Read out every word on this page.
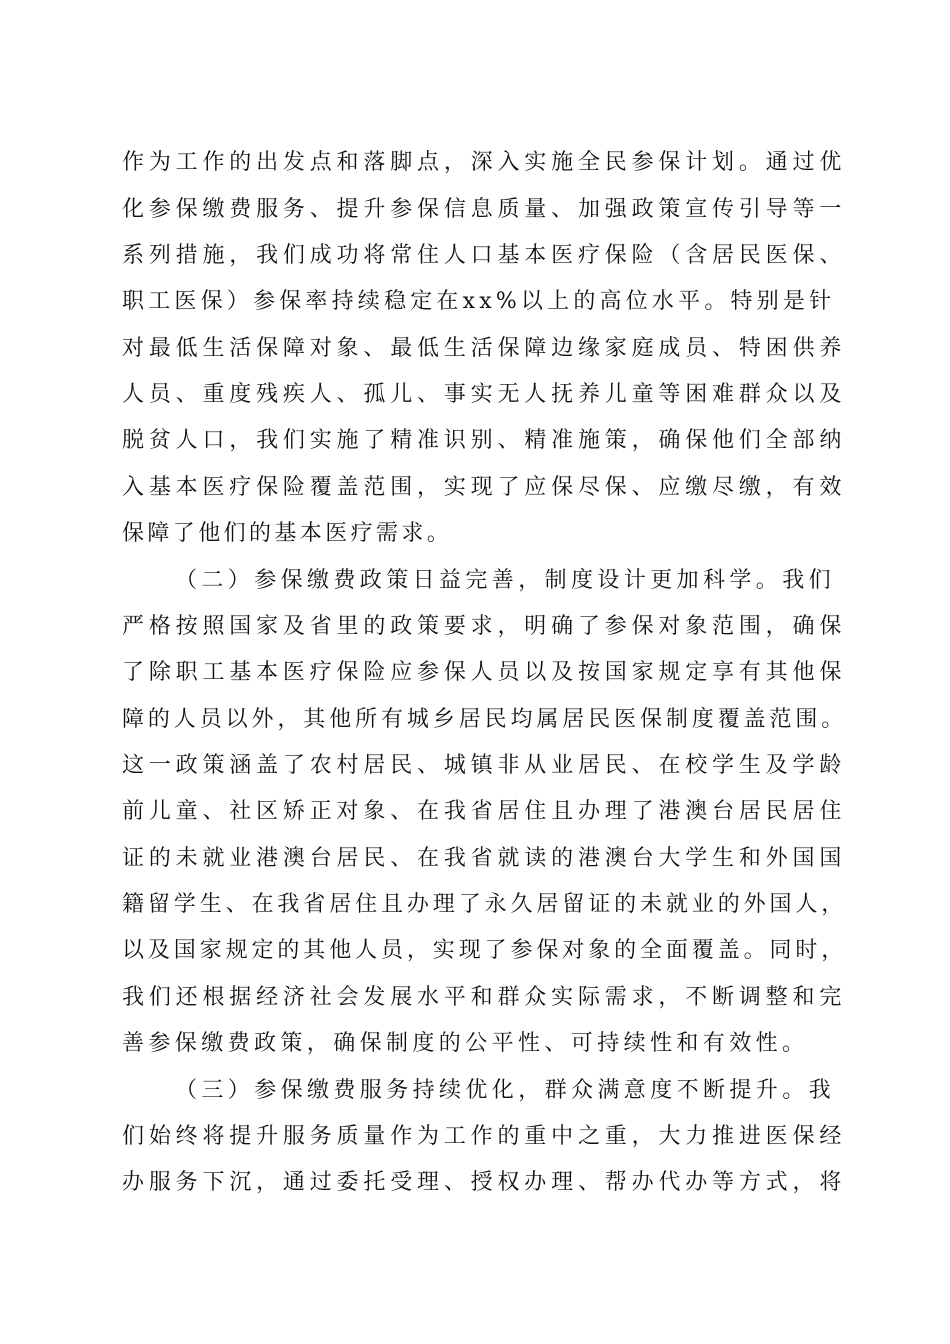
作为工作的出发点和落脚点，深入实施全民参保计划。通过优
化参保缴费服务、提升参保信息质量、加强政策宣传引导等一
系列措施，我们成功将常住人口基本医疗保险（含居民医保、
职工医保）参保率持续稳定在xx%以上的高位水平。特别是针
对最低生活保障对象、最低生活保障边缘家庭成员、特困供养
人员、重度残疾人、孤儿、事实无人抚养儿童等困难群众以及
脱贫人口，我们实施了精准识别、精准施策，确保他们全部纳
入基本医疗保险覆盖范围，实现了应保尽保、应缴尽缴，有效
保障了他们的基本医疗需求。
（二）参保缴费政策日益完善，制度设计更加科学。我们
严格按照国家及省里的政策要求，明确了参保对象范围，确保
了除职工基本医疗保险应参保人员以及按国家规定享有其他保
障的人员以外，其他所有城乡居民均属居民医保制度覆盖范围。
这一政策涵盖了农村居民、城镇非从业居民、在校学生及学龄
前儿童、社区矫正对象、在我省居住且办理了港澳台居民居住
证的未就业港澳台居民、在我省就读的港澳台大学生和外国国
籍留学生、在我省居住且办理了永久居留证的未就业的外国人，
以及国家规定的其他人员，实现了参保对象的全面覆盖。同时，
我们还根据经济社会发展水平和群众实际需求，不断调整和完
善参保缴费政策，确保制度的公平性、可持续性和有效性。
（三）参保缴费服务持续优化，群众满意度不断提升。我
们始终将提升服务质量作为工作的重中之重，大力推进医保经
办服务下沉，通过委托受理、授权办理、帮办代办等方式，将
